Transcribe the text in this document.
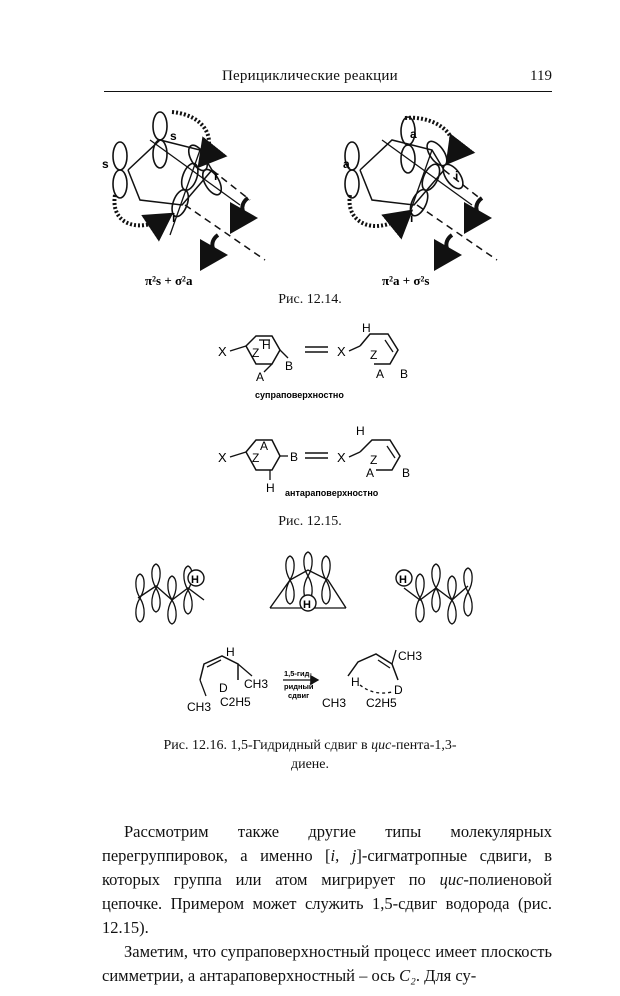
Перициклические реакции	119
s
s
r
i
π²s + σ²a
a
a
i
i
π²a + σ²s
X Z
H
A
B
X
H
Z
A B
супраповерхностно
X Z
A
B
H
X
H
Z
A B
антараповерхностно
H
H
H
H
D CH3
CH3 C2H5
1,5-гид-
ридный
сдвиг
CH3
H
D
CH3 C2H5
Рис. 12.14.
Рис. 12.15.
Рис. 12.16. 1,5-Гидридный сдвиг в цис-пента-1,3-
диене.

Рассмотрим также другие типы молекулярных перегруппировок, а именно [i, j]-сигматропные сдвиги, в которых группа или атом мигрирует по цис-полиеновой цепочке. Примером может служить 1,5-сдвиг водорода (рис. 12.15).

Заметим, что супраповерхностный процесс имеет плоскость симметрии, а антараповерхностный – ось C₂. Для су-
